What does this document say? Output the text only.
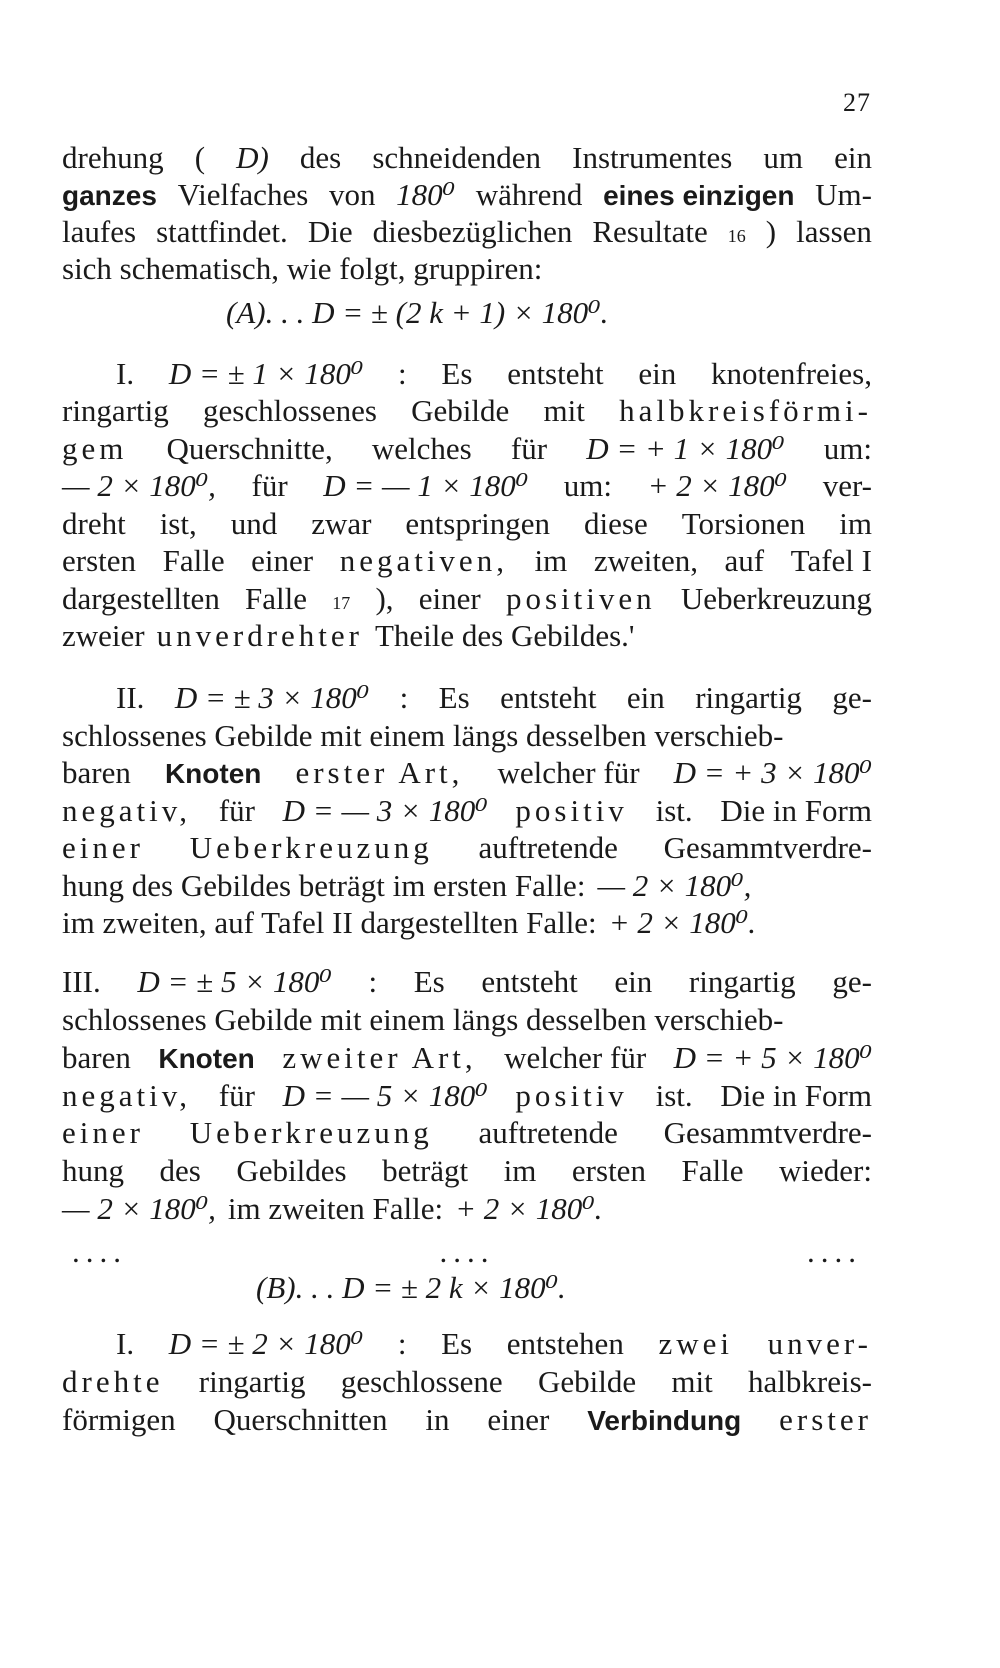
27
drehung ( D) des schneidenden Instrumentes um ein
ganzes Vielfaches von 180⁰ während eines einzigen Um-
laufes stattfindet. Die diesbezüglichen Resultate 16 ) lassen
sich schematisch, wie folgt, gruppiren:
(A). . . D = ± (2 k + 1) × 180⁰.
I. D = ± 1 × 180⁰ : Es entsteht ein knotenfreies,
ringartig geschlossenes Gebilde mit halbkreisförmi-
gem Querschnitte, welches für D = + 1 × 180⁰ um:
— 2 × 180⁰, für D = — 1 × 180⁰ um: + 2 × 180⁰ ver-
dreht ist, und zwar entspringen diese Torsionen im
ersten Falle einer negativen, im zweiten, auf Tafel I
dargestellten Falle 17 ), einer positiven Ueberkreuzung
zweier unverdrehter Theile des Gebildes.'
II. D = ± 3 × 180⁰ : Es entsteht ein ringartig ge-
schlossenes Gebilde mit einem längs desselben verschieb-
baren Knoten erster Art, welcher für D = + 3 × 180⁰
negativ, für D = — 3 × 180⁰ positiv ist. Die in Form
einer Ueberkreuzung auftretende Gesammtverdre-
hung des Gebildes beträgt im ersten Falle: — 2 × 180⁰,
im zweiten, auf Tafel II dargestellten Falle: + 2 × 180⁰.
III. D = ± 5 × 180⁰ : Es entsteht ein ringartig ge-
schlossenes Gebilde mit einem längs desselben verschieb-
baren Knoten zweiter Art, welcher für D = + 5 × 180⁰
negativ, für D = — 5 × 180⁰ positiv ist. Die in Form
einer Ueberkreuzung auftretende Gesammtverdre-
hung des Gebildes beträgt im ersten Falle wieder:
— 2 × 180⁰, im zweiten Falle: + 2 × 180⁰.
....	....	....
(B). . . D = ± 2 k × 180⁰.
I. D = ± 2 × 180⁰ : Es entstehen zwei unver-
drehte ringartig geschlossene Gebilde mit halbkreis-
förmigen Querschnitten in einer Verbindung erster
